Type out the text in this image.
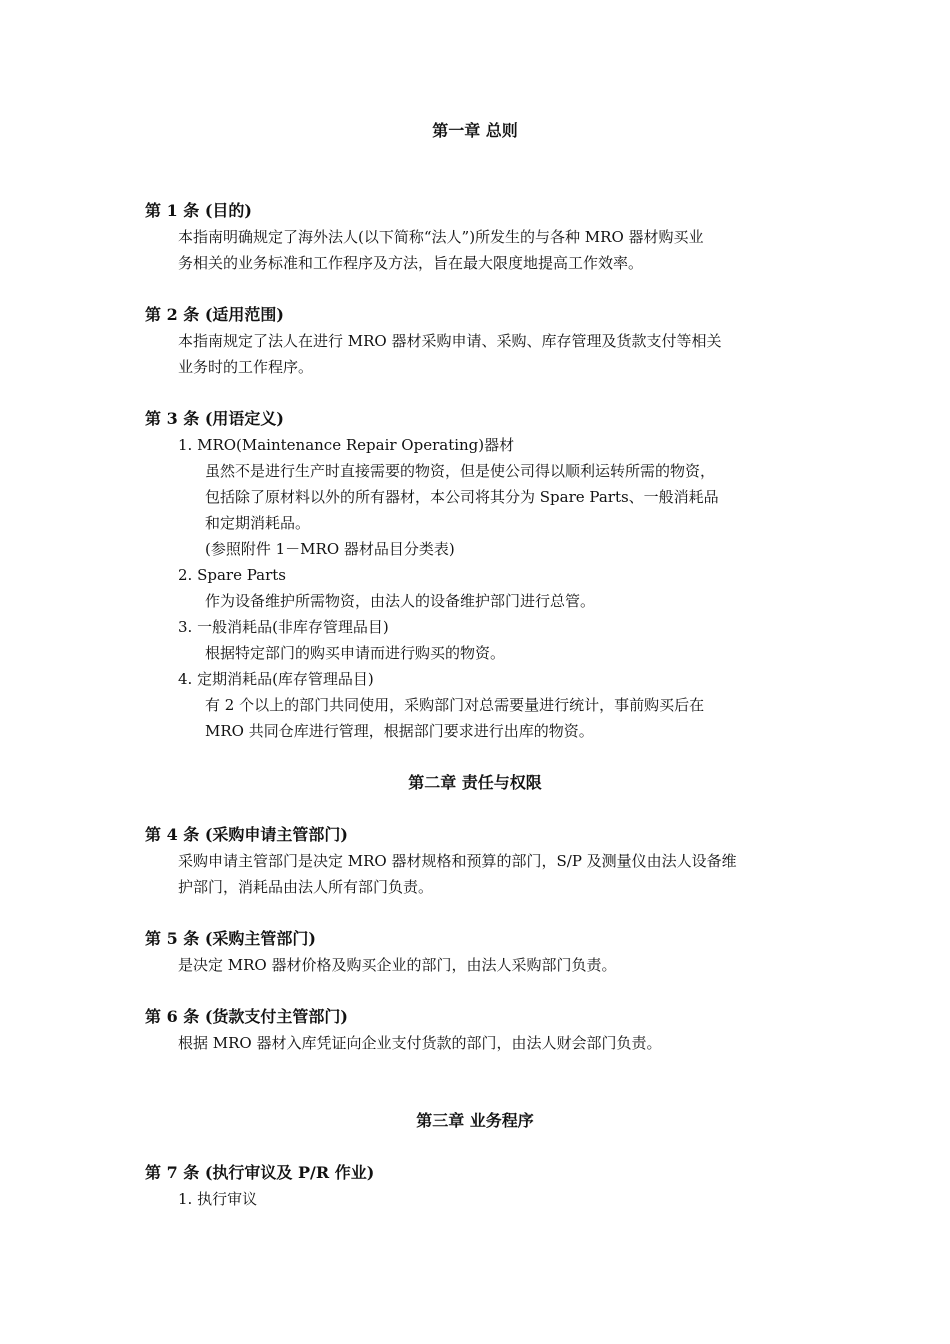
第一章 总则
第 1 条 (目的)
本指南明确规定了海外法人(以下简称“法人”)所发生的与各种 MRO 器材购买业
务相关的业务标准和工作程序及方法，旨在最大限度地提高工作效率。
第 2 条 (适用范围)
本指南规定了法人在进行 MRO 器材采购申请、采购、库存管理及货款支付等相关
业务时的工作程序。
第 3 条 (用语定义)
1. MRO(Maintenance Repair Operating)器材
虽然不是进行生产时直接需要的物资，但是使公司得以顺利运转所需的物资，
包括除了原材料以外的所有器材，本公司将其分为 Spare Parts、一般消耗品
和定期消耗品。
(参照附件 1－MRO 器材品目分类表)
2. Spare Parts
作为设备维护所需物资，由法人的设备维护部门进行总管。
3. 一般消耗品(非库存管理品目)
根据特定部门的购买申请而进行购买的物资。
4. 定期消耗品(库存管理品目)
有 2 个以上的部门共同使用，采购部门对总需要量进行统计，事前购买后在
MRO 共同仓库进行管理，根据部门要求进行出库的物资。
第二章 责任与权限
第 4 条 (采购申请主管部门)
采购申请主管部门是决定 MRO 器材规格和预算的部门，S/P 及测量仪由法人设备维
护部门，消耗品由法人所有部门负责。
第 5 条 (采购主管部门)
是决定 MRO 器材价格及购买企业的部门，由法人采购部门负责。
第 6 条 (货款支付主管部门)
根据 MRO 器材入库凭证向企业支付货款的部门，由法人财会部门负责。
第三章 业务程序
第 7 条 (执行审议及 P/R 作业)
1. 执行审议
